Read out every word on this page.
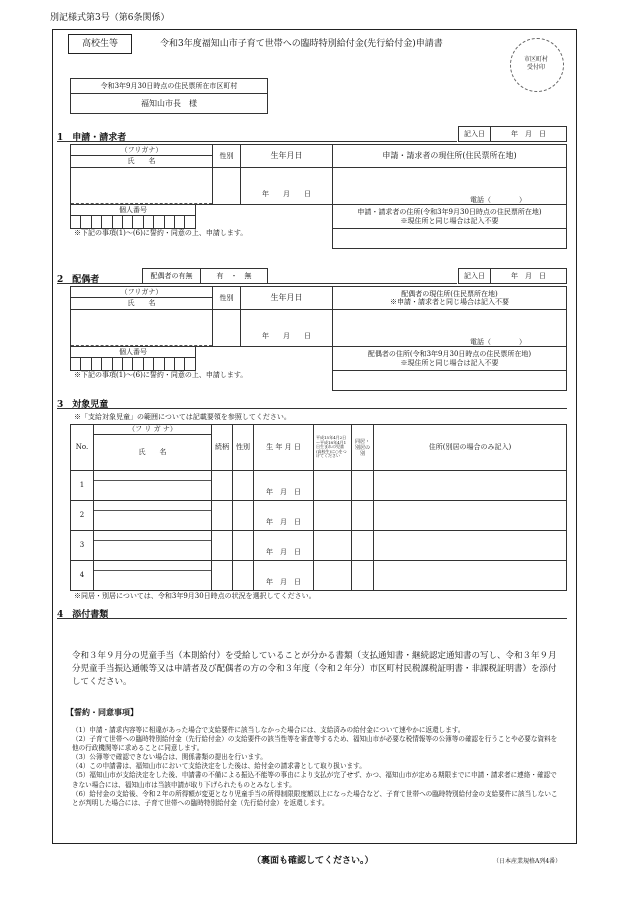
別記様式第3号（第6条関係）
高校生等	令和3年度福知山市子育て世帯への臨時特別給付金(先行給付金)申請書
市区町村
受付印
令和3年9月30日時点の住民票所在市区町村
福知山市長　様
1　申請・請求者	記入日	年　月　日
（フリガナ）	性別	生年月日	申請・請求者の現住所(住民票所在地)
氏　　名			
		年　　月　　日	電話（　　　　）

個人番号

※下記の事項(1)～(6)に誓約・同意の上、申請します。
申請・請求者の住所(令和3年9月30日時点の住民票所在地)
※現住所と同じ場合は記入不要

2　配偶者	配偶者の有無	有　・　無	記入日	年　月　日
（フリガナ）	性別	生年月日	配偶者の現住所(住民票所在地)
※申請・請求者と同じ場合は記入不要

氏　　名			
		年　　月　　日	電話（　　　　）

個人番号

※下記の事項(1)～(6)に誓約・同意の上、申請します。
配偶者の住所(令和3年9月30日時点の住民票所在地)
※現住所と同じ場合は記入不要

3　対象児童
※「支給対象児童」の範囲については記載要領を参照してください。
No.	（フ リ ガ ナ）	続柄	性別	生 年 月 日	平成15年4月2日～平成18年4月1日生まれの児童(高校生)に○をつけてください	同居・別居の別	住所(別居の場合のみ記入)
	氏　　名						
1				年　月　日			
2				年　月　日			
3				年　月　日			
4				年　月　日			
※同居・別居については、令和3年9月30日時点の状況を選択してください。
4　添付書類
令和３年９月分の児童手当（本則給付）を受給していることが分かる書類（支払通知書・継続認定通知書の写し、令和３年９月分児童手当振込通帳等又は申請者及び配偶者の方の令和３年度（令和２年分）市区町村民税課税証明書・非課税証明書）を添付してください。
【誓約・同意事項】
（1）申請・請求内容等に相違があった場合で支給要件に該当しなかった場合には、支給済みの給付金について速やかに返還します。
（2）子育て世帯への臨時特別給付金（先行給付金）の支給要件の該当性等を審査等するため、福知山市が必要な税情報等の公簿等の確認を行うことや必要な資料を他の行政機関等に求めることに同意します。
（3）公簿等で確認できない場合は、関係書類の提出を行います。
（4）この申請書は、福知山市において支給決定をした後は、給付金の請求書として取り扱います。
（5）福知山市が支給決定をした後、申請書の不備による振込不能等の事由により支払が完了せず、かつ、福知山市が定める期限までに申請・請求者に連絡・確認できない場合には、福知山市は当該申請が取り下げられたものとみなします。
（6）給付金の支給後、令和２年の所得額が変更となり児童手当の所得制限限度額以上になった場合など、子育て世帯への臨時特別給付金の支給要件に該当しないことが判明した場合には、子育て世帯への臨時特別給付金（先行給付金）を返還します。
（裏面も確認してください。）	（日本産業規格A列4番）
